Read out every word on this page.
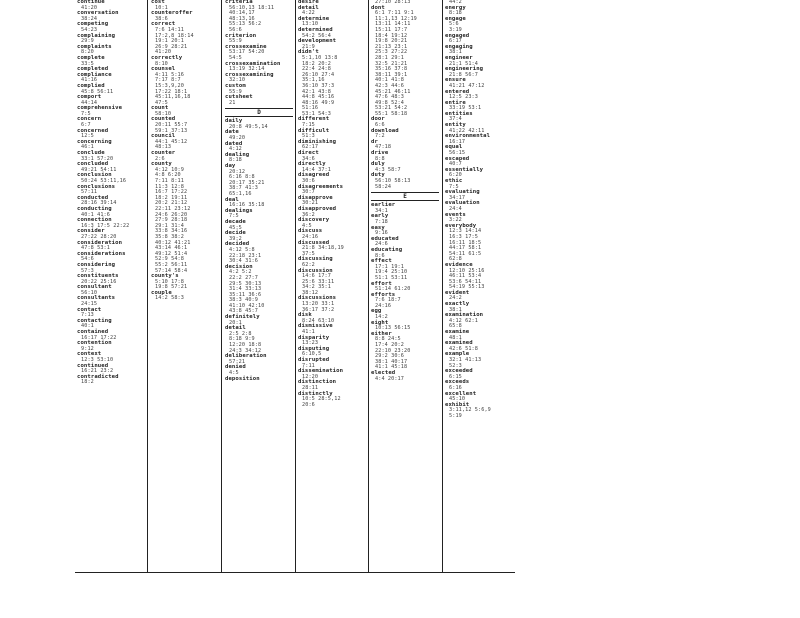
continue
41:20
conversation
38:24
competing
54:23
complaining
29:9
complaints
8:20
complete
33:5
completed
compliance
41:16
complied
45:8 56:11
comport
44:14
comprehensive
7:5
concern
6:7
concerned
12:5
concerning
46:1
conclude
33:1 57:20
concluded
49:21 54:11
conclusion
50:24 53:11,16
conclusions
57:11
conducted
28:16 39:14
conducting
40:1 41:6
connection
16:3 17:5 22:22
consider
27:22 28:20
consideration
47:8 53:1
considerations
54:6
considering
57:3
constituents
20:22 25:16
consultant
56:10
consultants
24:15
contact
7:13
contacting
40:1
contained
16:17 17:22
contention
9:12
context
12:3 53:10
continued
16:21 23:2
contradicted
18:2
cost
10:1
counteroffer
38:6
correct
7:6 14:11
17:2,8 18:14
19:1 20:1
26:9 28:21
41:20
correctly
8:10
counsel
4:11 5:16
7:17 8:7
15:3,9,20
17:22 18:1
45:11,16,18
47:5
count
58:10
counted
20:11 55:7
59:1 37:13
council
44:1 45:12
48:13
counter
2:6
county
4:12 10:9
4:8 6:20
7:11 8:11
11:3 12:8
16:7 17:22
18:2 19:11
20:2 21:12
22:11 23:12
24:6 26:20
27:9 28:18
29:1 31:4
33:8 34:16
35:8 38:2
40:12 41:21
43:14 46:1
49:12 51:4
52:9 54:8
55:2 56:11
57:14 58:4
county's
5:10 17:8
19:8 57:21
couple
14:2 58:3
criteria
56:10,13 18:11
40:14,17
48:13,16
55:13 56:2
56:6
criterion
55:9
crossexamine
53:17 54:20
54:5
crossexamination
13:19 32:14
crossexamining
32:10
custom
55:9
cutsheet
21
D
daily
20:8 49:5,14
date
49:20
dated
4:12
dealing
8:18
day
20:12
6:16 8:8
20:17 35:21
38:7 41:3
65:1,16
deal
16:16 35:18
dealings
7:5
decade
45:5
decide
39:2
decided
4:12 5:8
22:18 23:1
30:4 31:6
decision
4:2 5:2
22:2 27:7
29:5 30:13
31:4 33:13
35:11 36:6
38:3 40:9
41:10 42:10
43:8 45:7
definitely
20:1
detail
2:5 2:8
8:18 9:9
12:20 18:8
24:3 34:12
deliberation
57:21
denied
4:5
deposition
desire
detail
4:22
determine
13:10
determined
54:2 56:4
development
21:9
didn't
5:1,10 13:8
18:2 20:2
22:4 24:8
26:10 27:4
35:1,16
36:10 37:3
42:1 43:8
44:8 45:16
48:16 49:9
51:16
53:1 54:3
different
7:15
difficult
51:3
diminishing
62:17
direct
34:6
directly
14:4 37:1
disagreed
30:6
disagreements
30:7
disapprove
30:21
disapproved
36:2
discovery
4:5
discuss
24:16
discussed
21:8 34:18,19
37:5
discussing
62:2
discussion
14:6 17:7
25:6 33:11
34:2 35:1
38:12
discussions
13:20 33:1
36:17 37:2
disk
8:24 63:10
dismissive
41:1
disparity
13:23
disputing
6:10,5
disrupted
7:11
dissemination
12:20
distinction
28:11
distinctly
10:5 28:5,12
20:6
27:10 28:13
dont
6:1 7:11 9:1
11:1,13 12:19
13:11 14:11
15:11 17:7
18:4 19:12
19:8 20:21
21:13 23:1
25:3 27:22
28:1 29:1
32:5 21:21
35:16 37:8
38:11 39:1
40:1 41:8
42:3 44:6
45:21 46:11
47:6 48:3
49:8 52:4
53:21 54:2
55:1 58:18
door
6:6
download
7:2
dr
47:18
drive
8:8
duly
4:3 58:7
duty
56:10 58:13
58:24
E
earlier
34:1
early
7:18
easy
9:16
educated
24:6
educating
8:6
effect
17:1 19:1
19:4 25:10
51:1 53:11
effort
51:14 61:20
efforts
7:6 18:7
24:16
egg
14:2
eight
10:13 56:15
either
8:8 24:5
17:4 20:2
22:10 23:20
29:2 30:6
38:1 40:17
41:1 45:18
elected
4:4 20:17
44:2
energy
8:18
engage
5:6
3:19
engaged
6:17
engaging
38:1
engineer
21:1 51:4
engineering
21:8 56:7
ensure
41:21 47:12
entered
12:5 23:3
entire
33:19 53:1
entities
37:4
entity
41:22 42:11
environmental
16:17
equal
56:15
escaped
40:7
essentially
6:20
ethic
7:5
evaluating
34:17
evaluation
24:4
events
3:22
everybody
12:3 14:14
16:3 17:5
16:11 18:5
44:17 58:1
54:11 61:5
62:8
evidence
12:10 25:16
46:11 53:4
53:6 54:11
54:19 55:13
evident
24:2
exactly
38:1
examination
4:12 62:1
65:8
examine
48:1
examined
42:6 51:8
example
32:1 41:13
52:3
exceeded
6:15
exceeds
6:16
excellent
45:10
exhibit
3:11,12 5:6,9
5:19
